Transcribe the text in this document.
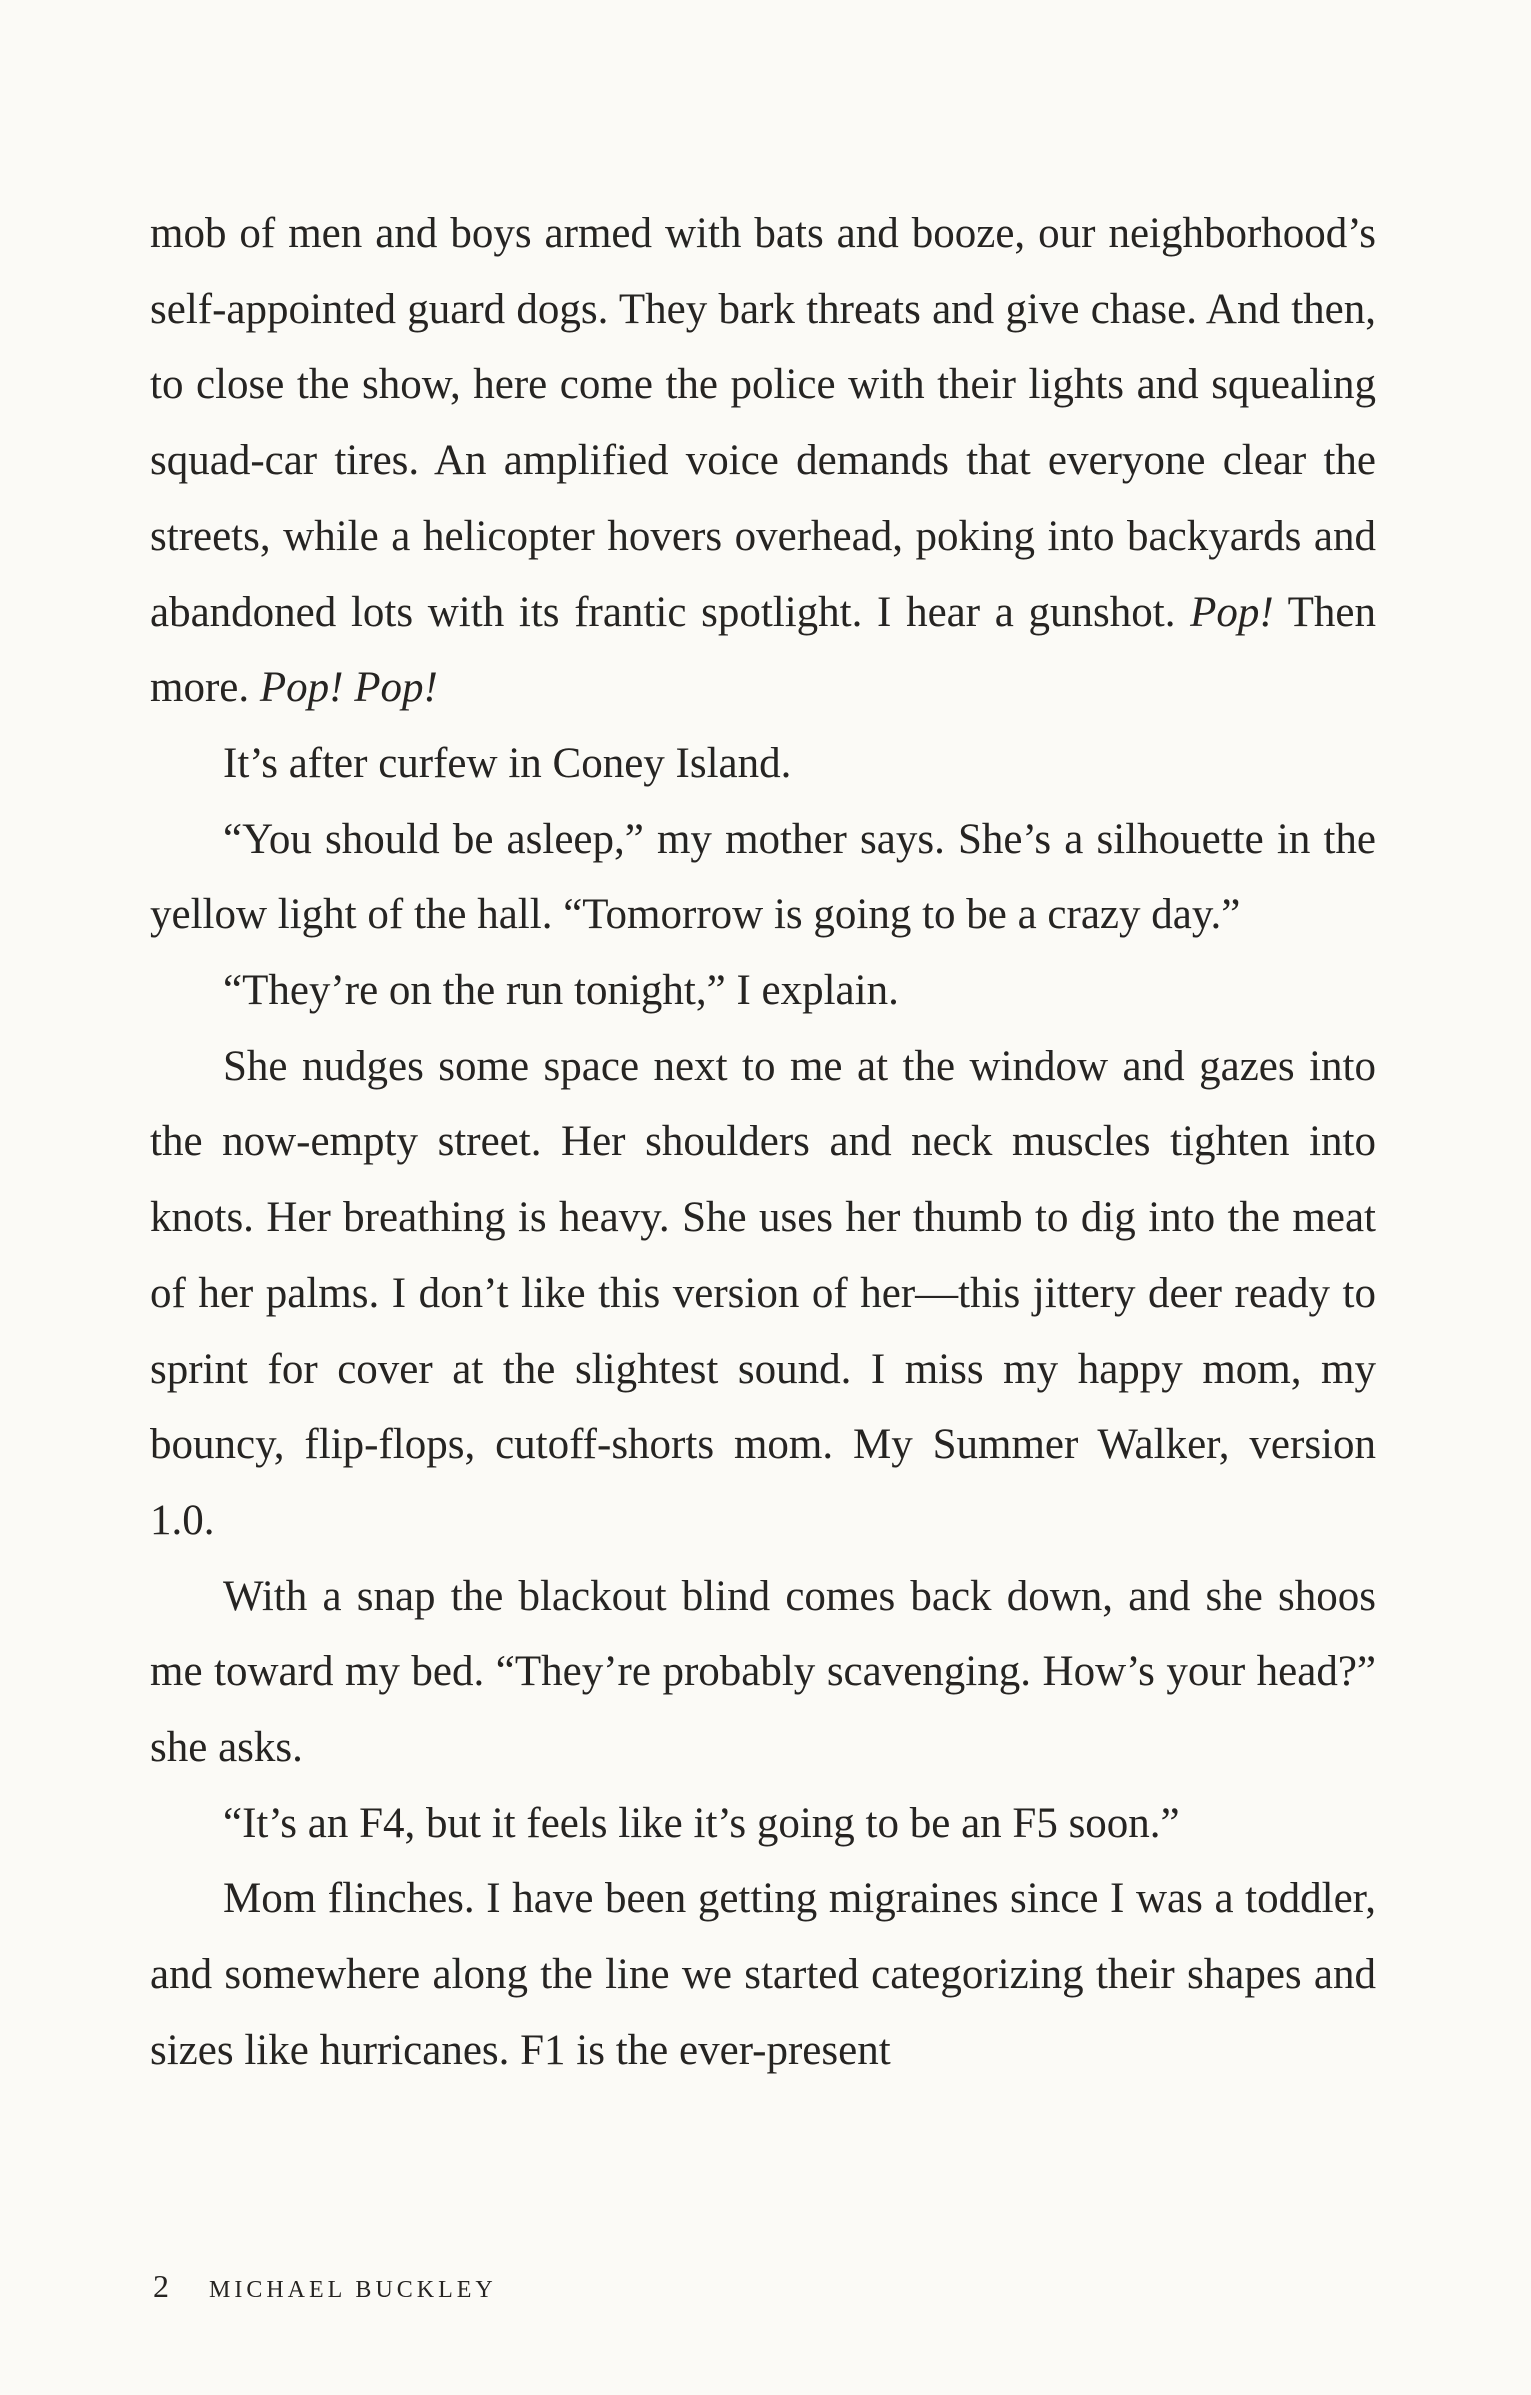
mob of men and boys armed with bats and booze, our neighborhood’s self-appointed guard dogs. They bark threats and give chase. And then, to close the show, here come the police with their lights and squealing squad-car tires. An amplified voice demands that everyone clear the streets, while a helicopter hovers overhead, poking into backyards and abandoned lots with its frantic spotlight. I hear a gunshot. Pop! Then more. Pop! Pop!

It’s after curfew in Coney Island.

“You should be asleep,” my mother says. She’s a silhouette in the yellow light of the hall. “Tomorrow is going to be a crazy day.”

“They’re on the run tonight,” I explain.

She nudges some space next to me at the window and gazes into the now-empty street. Her shoulders and neck muscles tighten into knots. Her breathing is heavy. She uses her thumb to dig into the meat of her palms. I don’t like this version of her—this jittery deer ready to sprint for cover at the slightest sound. I miss my happy mom, my bouncy, flip-flops, cutoff-shorts mom. My Summer Walker, version 1.0.

With a snap the blackout blind comes back down, and she shoos me toward my bed. “They’re probably scavenging. How’s your head?” she asks.

“It’s an F4, but it feels like it’s going to be an F5 soon.”

Mom flinches. I have been getting migraines since I was a toddler, and somewhere along the line we started categorizing their shapes and sizes like hurricanes. F1 is the ever-present

2 MICHAEL BUCKLEY
